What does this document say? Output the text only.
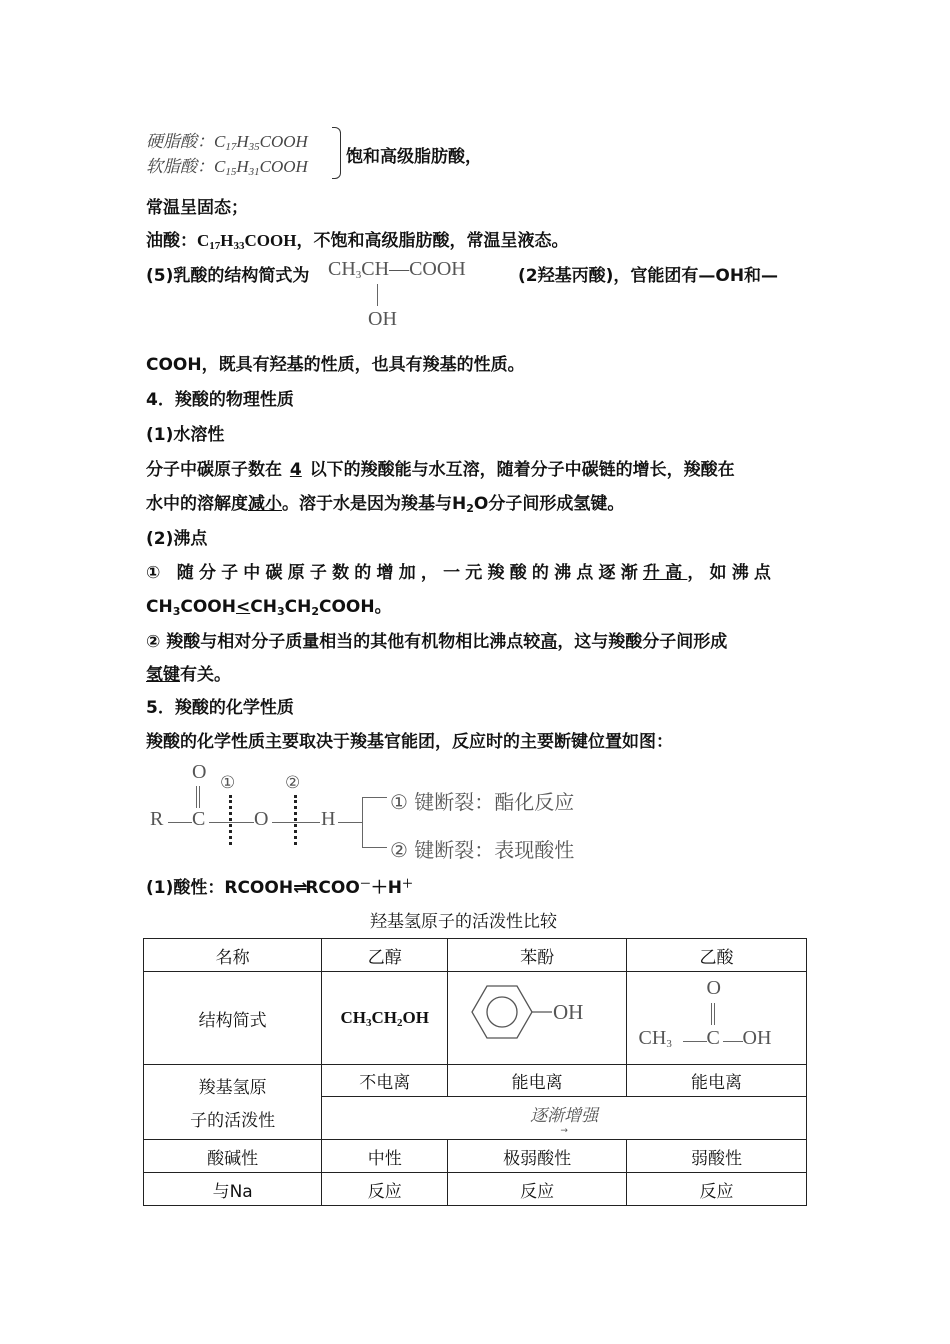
硬脂酸：$C_{17}H_{35}COOH$
软脂酸：$C_{15}H_{31}COOH$ 饱和高级脂肪酸，
常温呈固态；
油酸：$C_{17}H_{33}COOH$，不饱和高级脂肪酸，常温呈液态。
(5)乳酸的结构简式为 $CH_3CH—COOH$
OH
(2羟基丙酸)，官能团有—OH和—
COOH，既具有羟基的性质，也具有羧基的性质。
4．羧酸的物理性质
(1)水溶性
分子中碳原子数在 4 以下的羧酸能与水互溶，随着分子中碳链的增长，羧酸在
水中的溶解度减小。溶于水是因为羧基与$H_2O$分子间形成氢键。
(2)沸点
① 随分子中碳原子数的增加，一元羧酸的沸点逐渐升高，如沸点
$CH_3COOH<CH_3CH_2COOH$。
② 羧酸与相对分子质量相当的其他有机物相比沸点较高，这与羧酸分子间形成
氢键有关。
5．羧酸的化学性质
羧酸的化学性质主要取决于羧基官能团，反应时的主要断键位置如图：
O
R C
①
O
②
H
① 键断裂：酯化反应
② 键断裂：表现酸性
(1)酸性：RCOOH⇌RCOO－＋H＋
羟基氢原子的活泼性比较
名称	乙醇	苯酚	乙酸
结构简式	$CH_3CH_2OH$	OH	O
$CH_3$ C OH

羧基氢原
子的活泼性	不电离	能电离	能电离

	逐渐增强
→		

酸碱性	中性	极弱酸性	弱酸性
与Na	反应	反应	反应
